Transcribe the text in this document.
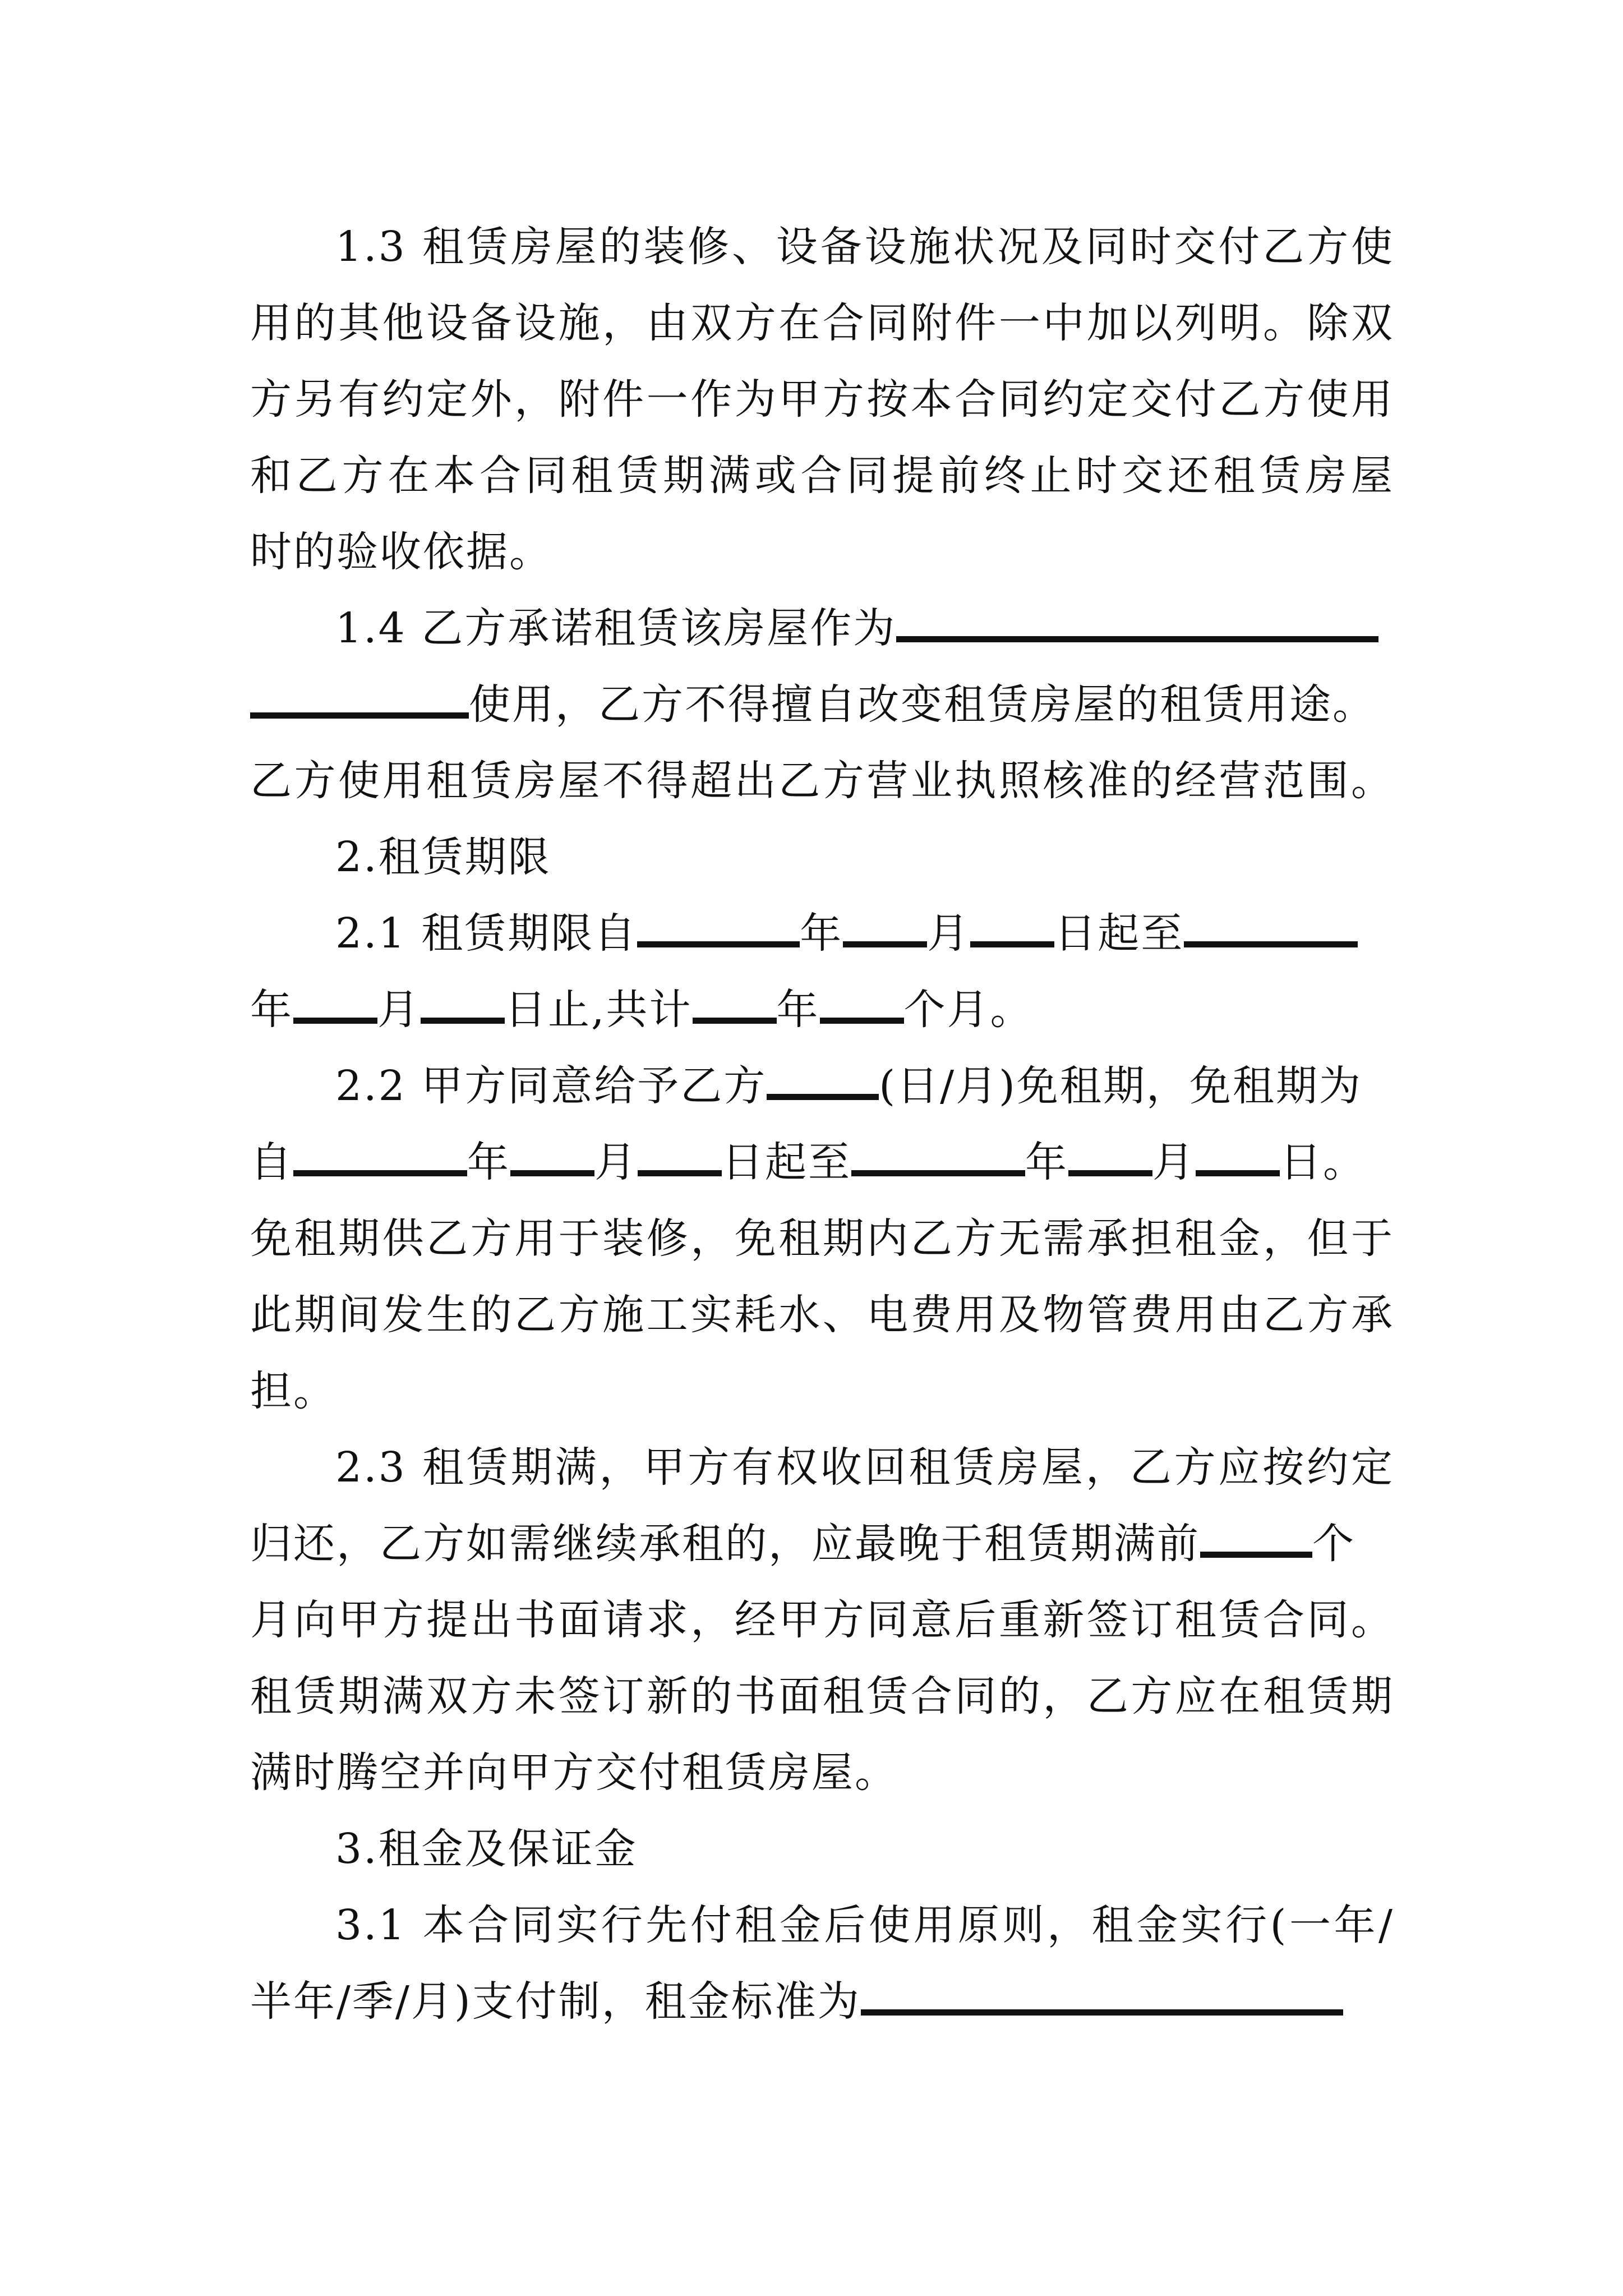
1.3 租赁房屋的装修、设备设施状况及同时交付乙方使
用的其他设备设施，由双方在合同附件一中加以列明。除双
方另有约定外，附件一作为甲方按本合同约定交付乙方使用
和乙方在本合同租赁期满或合同提前终止时交还租赁房屋
时的验收依据。
1.4 乙方承诺租赁该房屋作为
使用，乙方不得擅自改变租赁房屋的租赁用途。
乙方使用租赁房屋不得超出乙方营业执照核准的经营范围。
2.租赁期限
2.1 租赁期限自	年 月 日起至
年 月 日止,共计 年 个月。
2.2 甲方同意给予乙方	(日/月)免租期，免租期为
自	年 月 日起至	年 月 日。
免租期供乙方用于装修，免租期内乙方无需承担租金，但于
此期间发生的乙方施工实耗水、电费用及物管费用由乙方承
担。
2.3 租赁期满，甲方有权收回租赁房屋，乙方应按约定
归还，乙方如需继续承租的，应最晚于租赁期满前	个
月向甲方提出书面请求，经甲方同意后重新签订租赁合同。
租赁期满双方未签订新的书面租赁合同的，乙方应在租赁期
满时腾空并向甲方交付租赁房屋。
3.租金及保证金
3.1 本合同实行先付租金后使用原则，租金实行(一年/
半年/季/月)支付制，租金标准为
